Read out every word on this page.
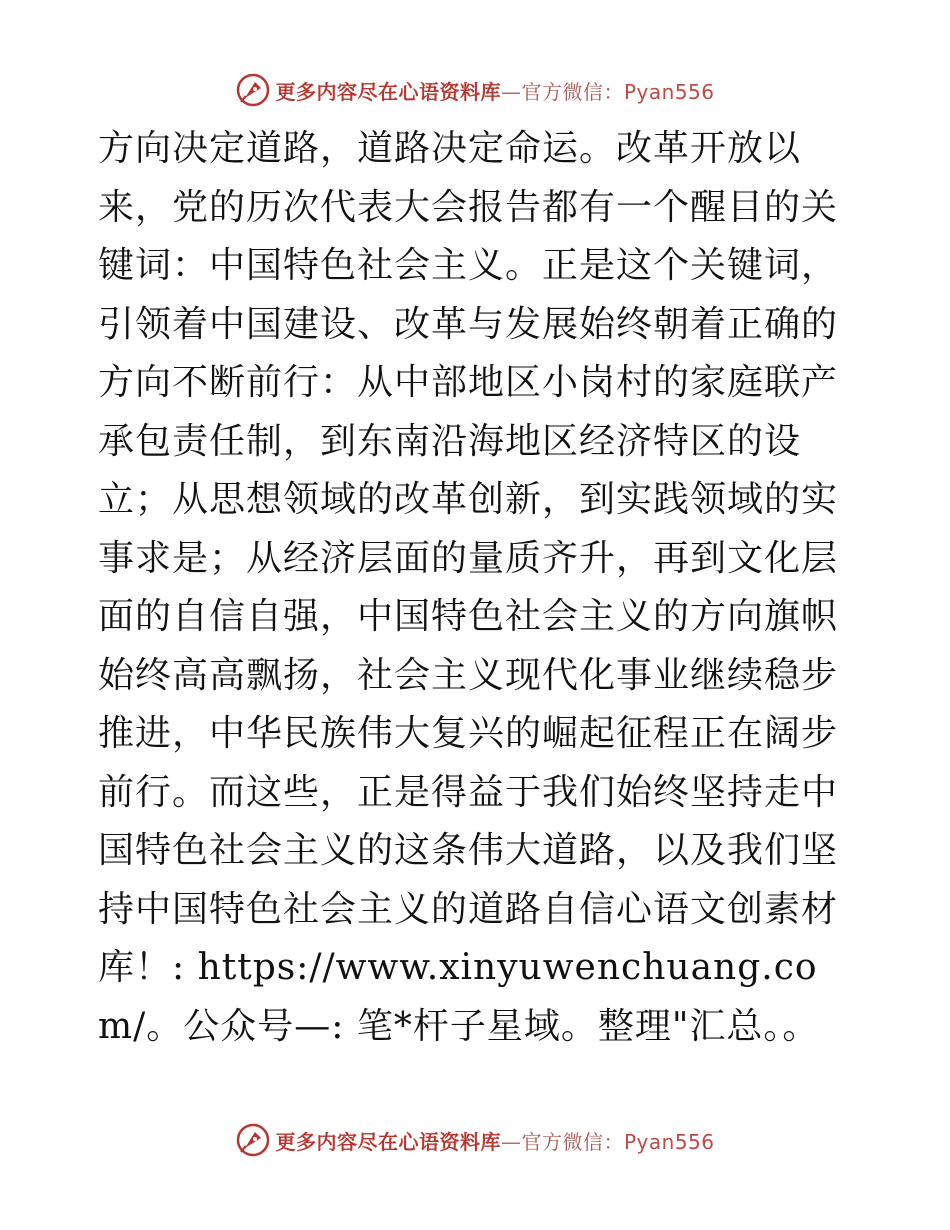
更多内容尽在心语资料库—官方微信：Pyan556

方向决定道路，道路决定命运。改革开放以来，党的历次代表大会报告都有一个醒目的关键词：中国特色社会主义。正是这个关键词，引领着中国建设、改革与发展始终朝着正确的方向不断前行：从中部地区小岗村的家庭联产承包责任制，到东南沿海地区经济特区的设立；从思想领域的改革创新，到实践领域的实事求是；从经济层面的量质齐升，再到文化层面的自信自强，中国特色社会主义的方向旗帜始终高高飘扬，社会主义现代化事业继续稳步推进，中华民族伟大复兴的崛起征程正在阔步前行。而这些，正是得益于我们始终坚持走中国特色社会主义的这条伟大道路，以及我们坚持中国特色社会主义的道路自信心语文创素材库！: https://www.xinyuwenchuang.com/。公众号—: 笔*杆子星域。整理"汇总。。

更多内容尽在心语资料库—官方微信：Pyan556
